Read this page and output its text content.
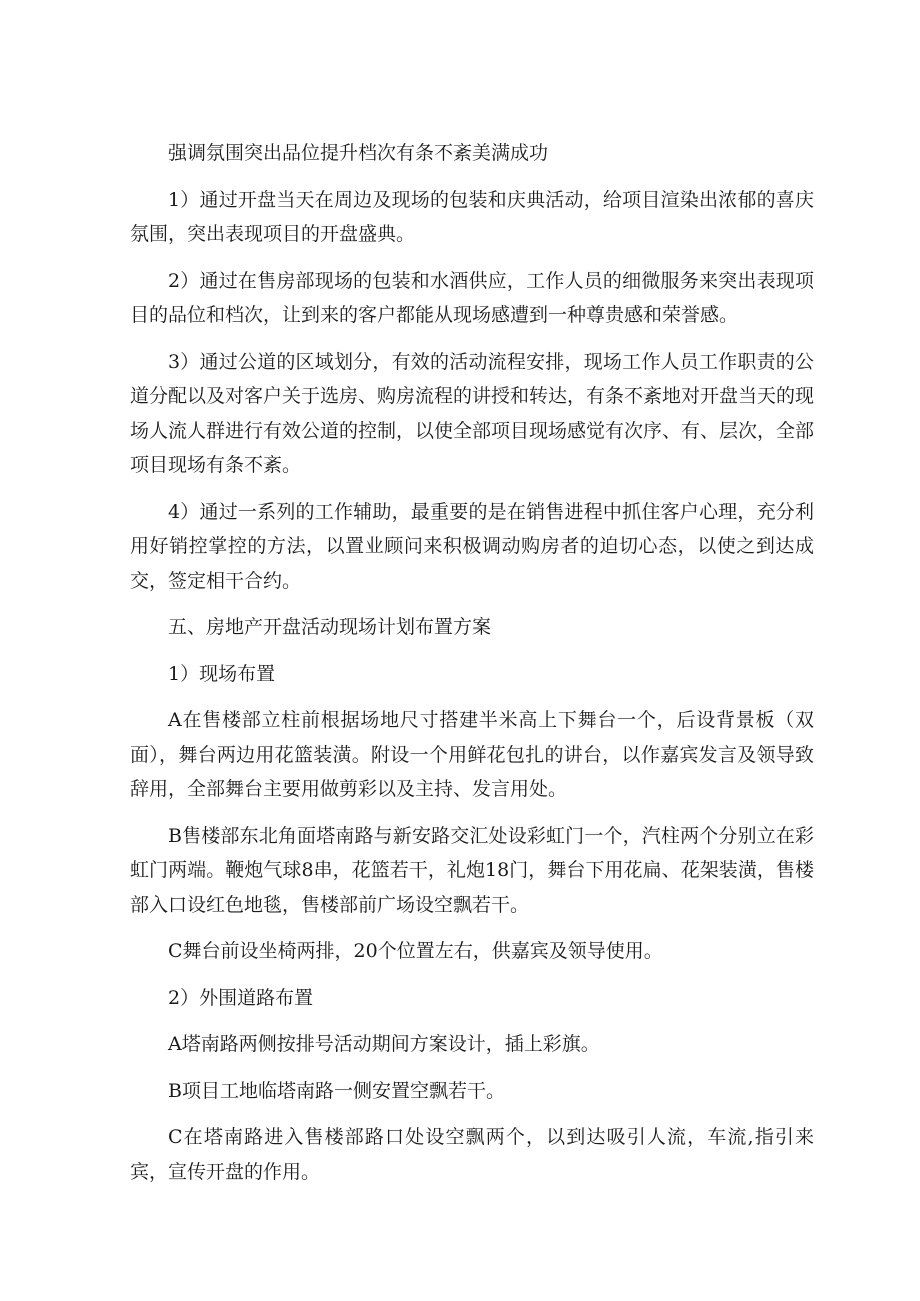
强调氛围突出品位提升档次有条不紊美满成功

1）通过开盘当天在周边及现场的包装和庆典活动，给项目渲染出浓郁的喜庆氛围，突出表现项目的开盘盛典。

2）通过在售房部现场的包装和水酒供应，工作人员的细微服务来突出表现项目的品位和档次，让到来的客户都能从现场感遭到一种尊贵感和荣誉感。

3）通过公道的区域划分，有效的活动流程安排，现场工作人员工作职责的公道分配以及对客户关于选房、购房流程的讲授和转达，有条不紊地对开盘当天的现场人流人群进行有效公道的控制，以使全部项目现场感觉有次序、有、层次，全部项目现场有条不紊。

4）通过一系列的工作辅助，最重要的是在销售进程中抓住客户心理，充分利用好销控掌控的方法，以置业顾问来积极调动购房者的迫切心态，以使之到达成交，签定相干合约。

五、房地产开盘活动现场计划布置方案

1）现场布置

A在售楼部立柱前根据场地尺寸搭建半米高上下舞台一个，后设背景板（双面），舞台两边用花篮装潢。附设一个用鲜花包扎的讲台，以作嘉宾发言及领导致辞用，全部舞台主要用做剪彩以及主持、发言用处。

B售楼部东北角面塔南路与新安路交汇处设彩虹门一个，汽柱两个分别立在彩虹门两端。鞭炮气球8串，花篮若干，礼炮18门，舞台下用花扁、花架装潢，售楼部入口设红色地毯，售楼部前广场设空飘若干。

C舞台前设坐椅两排，20个位置左右，供嘉宾及领导使用。

2）外围道路布置

A塔南路两侧按排号活动期间方案设计，插上彩旗。

B项目工地临塔南路一侧安置空飘若干。

C在塔南路进入售楼部路口处设空飘两个，以到达吸引人流，车流,指引来宾，宣传开盘的作用。
